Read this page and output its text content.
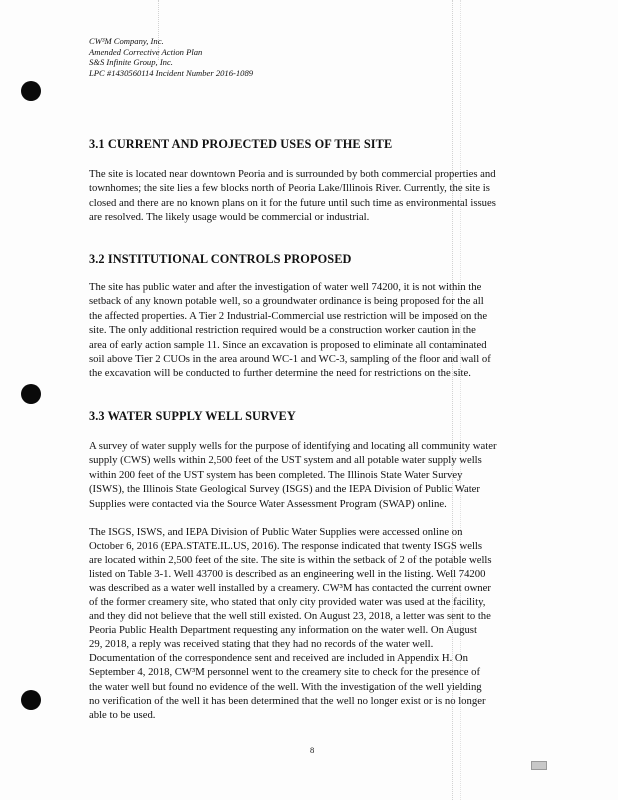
CW³M Company, Inc.
Amended Corrective Action Plan
S&S Infinite Group, Inc.
LPC #1430560114 Incident Number 2016-1089
3.1 CURRENT AND PROJECTED USES OF THE SITE
The site is located near downtown Peoria and is surrounded by both commercial properties and
townhomes; the site lies a few blocks north of Peoria Lake/Illinois River. Currently, the site is
closed and there are no known plans on it for the future until such time as environmental issues
are resolved. The likely usage would be commercial or industrial.
3.2 INSTITUTIONAL CONTROLS PROPOSED
The site has public water and after the investigation of water well 74200, it is not within the
setback of any known potable well, so a groundwater ordinance is being proposed for the all
the affected properties. A Tier 2 Industrial-Commercial use restriction will be imposed on the
site. The only additional restriction required would be a construction worker caution in the
area of early action sample 11. Since an excavation is proposed to eliminate all contaminated
soil above Tier 2 CUOs in the area around WC-1 and WC-3, sampling of the floor and wall of
the excavation will be conducted to further determine the need for restrictions on the site.
3.3 WATER SUPPLY WELL SURVEY
A survey of water supply wells for the purpose of identifying and locating all community water
supply (CWS) wells within 2,500 feet of the UST system and all potable water supply wells
within 200 feet of the UST system has been completed. The Illinois State Water Survey
(ISWS), the Illinois State Geological Survey (ISGS) and the IEPA Division of Public Water
Supplies were contacted via the Source Water Assessment Program (SWAP) online.
The ISGS, ISWS, and IEPA Division of Public Water Supplies were accessed online on
October 6, 2016 (EPA.STATE.IL.US, 2016). The response indicated that twenty ISGS wells
are located within 2,500 feet of the site. The site is within the setback of 2 of the potable wells
listed on Table 3-1. Well 43700 is described as an engineering well in the listing. Well 74200
was described as a water well installed by a creamery. CW³M has contacted the current owner
of the former creamery site, who stated that only city provided water was used at the facility,
and they did not believe that the well still existed. On August 23, 2018, a letter was sent to the
Peoria Public Health Department requesting any information on the water well. On August
29, 2018, a reply was received stating that they had no records of the water well.
Documentation of the correspondence sent and received are included in Appendix H. On
September 4, 2018, CW³M personnel went to the creamery site to check for the presence of
the water well but found no evidence of the well. With the investigation of the well yielding
no verification of the well it has been determined that the well no longer exist or is no longer
able to be used.
8
